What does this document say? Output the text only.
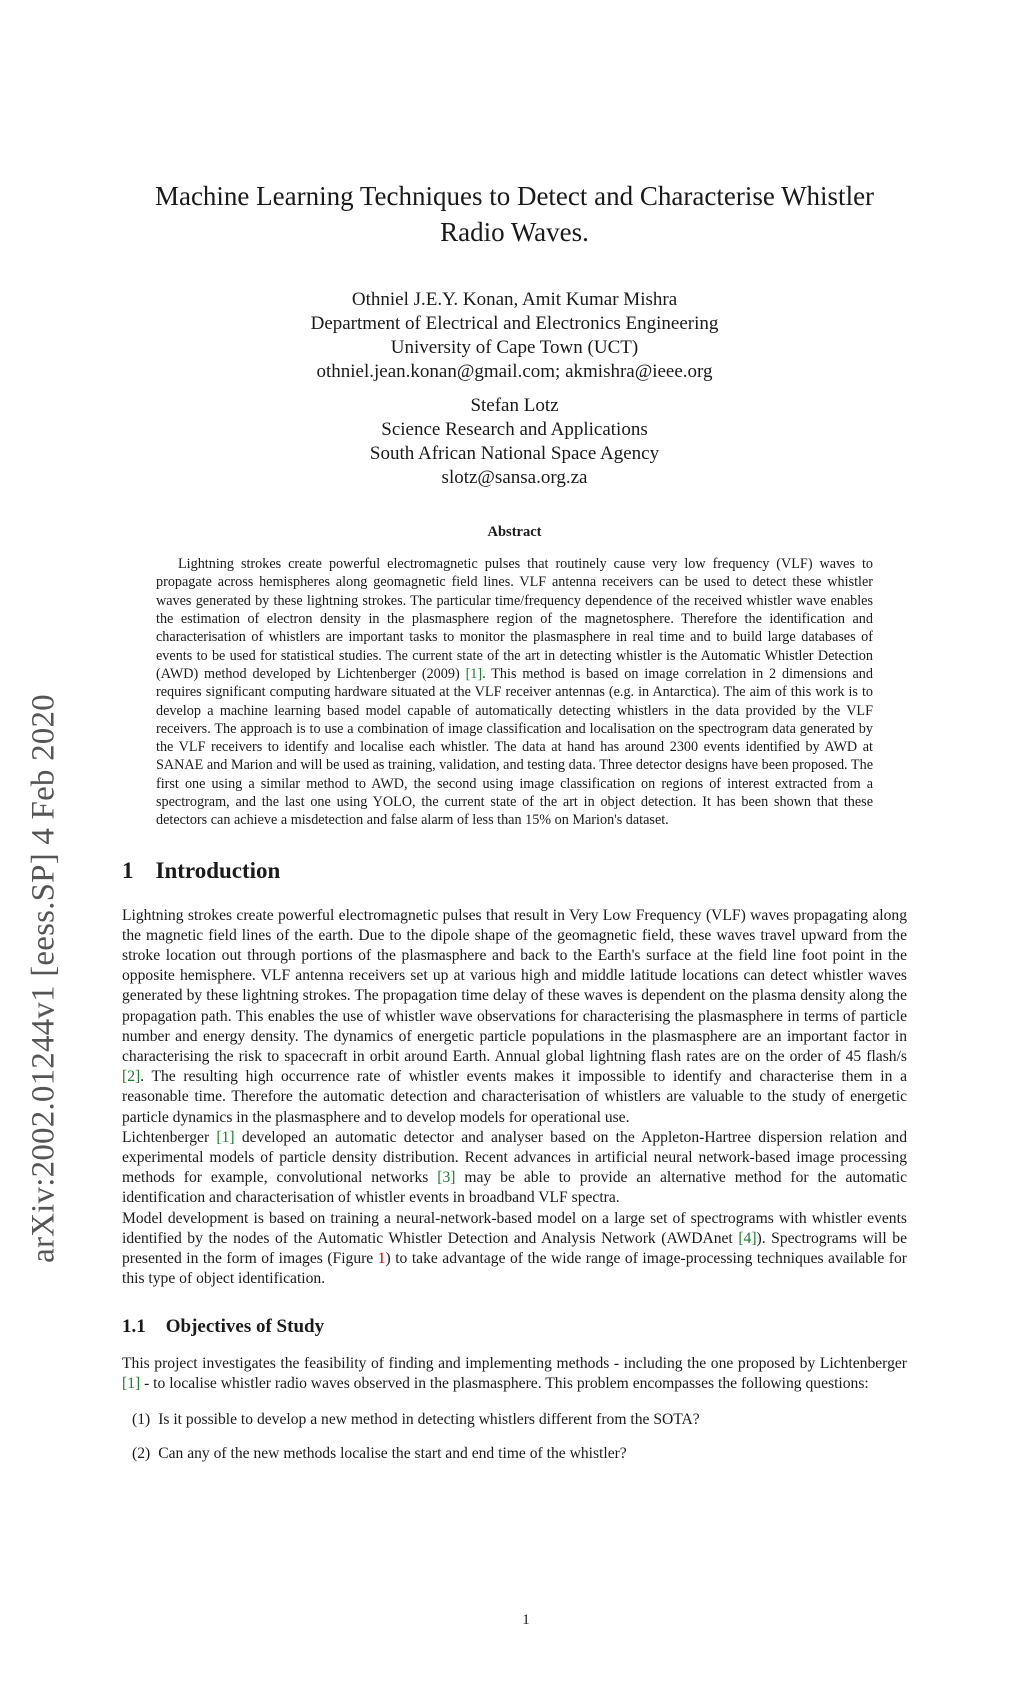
arXiv:2002.01244v1 [eess.SP] 4 Feb 2020
Machine Learning Techniques to Detect and Characterise Whistler Radio Waves.
Othniel J.E.Y. Konan, Amit Kumar Mishra
Department of Electrical and Electronics Engineering
University of Cape Town (UCT)
othniel.jean.konan@gmail.com; akmishra@ieee.org
Stefan Lotz
Science Research and Applications
South African National Space Agency
slotz@sansa.org.za
Abstract

Lightning strokes create powerful electromagnetic pulses that routinely cause very low frequency (VLF) waves to propagate across hemispheres along geomagnetic field lines. VLF antenna receivers can be used to detect these whistler waves generated by these lightning strokes. The particular time/frequency dependence of the received whistler wave enables the estimation of electron density in the plasmasphere region of the magnetosphere. Therefore the identification and characterisation of whistlers are important tasks to monitor the plasmasphere in real time and to build large databases of events to be used for statistical studies. The current state of the art in detecting whistler is the Automatic Whistler Detection (AWD) method developed by Lichtenberger (2009) [1]. This method is based on image correlation in 2 dimensions and requires significant computing hardware situated at the VLF receiver antennas (e.g. in Antarctica). The aim of this work is to develop a machine learning based model capable of automatically detecting whistlers in the data provided by the VLF receivers. The approach is to use a combination of image classification and localisation on the spectrogram data generated by the VLF receivers to identify and localise each whistler. The data at hand has around 2300 events identified by AWD at SANAE and Marion and will be used as training, validation, and testing data. Three detector designs have been proposed. The first one using a similar method to AWD, the second using image classification on regions of interest extracted from a spectrogram, and the last one using YOLO, the current state of the art in object detection. It has been shown that these detectors can achieve a misdetection and false alarm of less than 15% on Marion's dataset.

1 Introduction

Lightning strokes create powerful electromagnetic pulses that result in Very Low Frequency (VLF) waves propagating along the magnetic field lines of the earth. Due to the dipole shape of the geomagnetic field, these waves travel upward from the stroke location out through portions of the plasmasphere and back to the Earth's surface at the field line foot point in the opposite hemisphere. VLF antenna receivers set up at various high and middle latitude locations can detect whistler waves generated by these lightning strokes. The propagation time delay of these waves is dependent on the plasma density along the propagation path. This enables the use of whistler wave observations for characterising the plasmasphere in terms of particle number and energy density. The dynamics of energetic particle populations in the plasmasphere are an important factor in characterising the risk to spacecraft in orbit around Earth. Annual global lightning flash rates are on the order of 45 flash/s [2]. The resulting high occurrence rate of whistler events makes it impossible to identify and characterise them in a reasonable time. Therefore the automatic detection and characterisation of whistlers are valuable to the study of energetic particle dynamics in the plasmasphere and to develop models for operational use.

Lichtenberger [1] developed an automatic detector and analyser based on the Appleton-Hartree dispersion relation and experimental models of particle density distribution. Recent advances in artificial neural network-based image processing methods for example, convolutional networks [3] may be able to provide an alternative method for the automatic identification and characterisation of whistler events in broadband VLF spectra.

Model development is based on training a neural-network-based model on a large set of spectrograms with whistler events identified by the nodes of the Automatic Whistler Detection and Analysis Network (AWDAnet [4]). Spectrograms will be presented in the form of images (Figure 1) to take advantage of the wide range of image-processing techniques available for this type of object identification.

1.1 Objectives of Study

This project investigates the feasibility of finding and implementing methods - including the one proposed by Lichtenberger [1] - to localise whistler radio waves observed in the plasmasphere. This problem encompasses the following questions:

(1) Is it possible to develop a new method in detecting whistlers different from the SOTA?
(2) Can any of the new methods localise the start and end time of the whistler?
1
